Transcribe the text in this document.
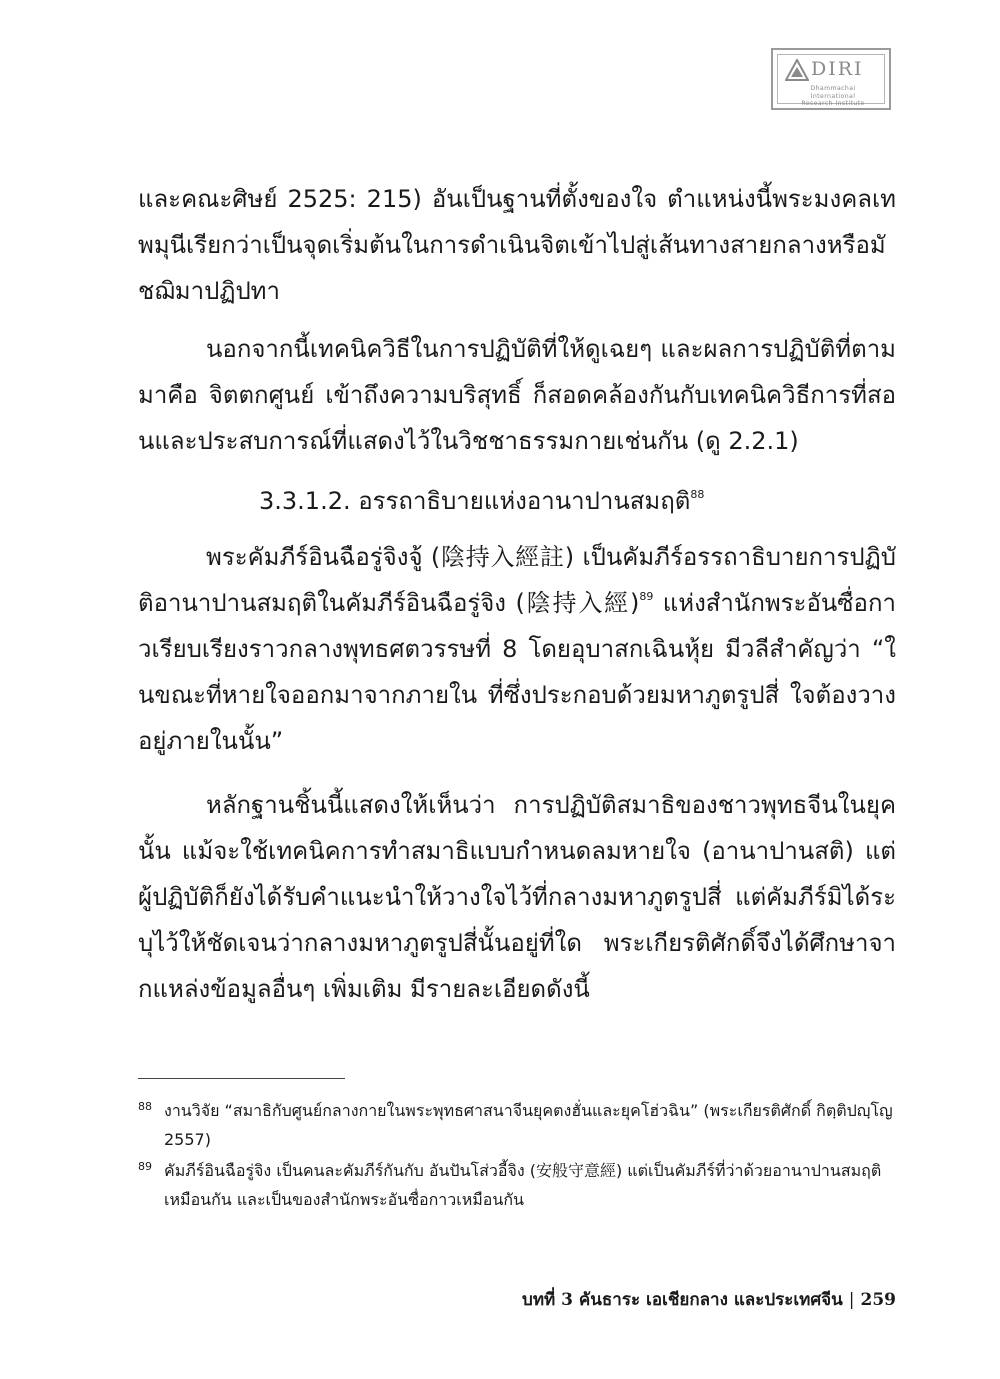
DIRI
Dhammachai International
Research Institute

และคณะศิษย์ 2525: 215) อันเป็นฐานที่ตั้งของใจ ตำแหน่งนี้พระมงคลเทพมุนีเรียกว่าเป็นจุดเริ่มต้นในการดำเนินจิตเข้าไปสู่เส้นทางสายกลางหรือมัชฌิมาปฏิปทา

นอกจากนี้เทคนิควิธีในการปฏิบัติที่ให้ดูเฉยๆ และผลการปฏิบัติที่ตามมาคือ จิตตกศูนย์ เข้าถึงความบริสุทธิ์ ก็สอดคล้องกันกับเทคนิควิธีการที่สอนและประสบการณ์ที่แสดงไว้ในวิชชาธรรมกายเช่นกัน (ดู 2.2.1)

3.3.1.2. อรรถาธิบายแห่งอานาปานสมฤติ$^{88}$

พระคัมภีร์อินฉือรู่จิงจู้ (陰持入經註) เป็นคัมภีร์อรรถาธิบายการปฏิบัติอานาปานสมฤติในคัมภีร์อินฉือรู่จิง (陰持入經)$^{89}$ แห่งสำนักพระอันซื่อกาวเรียบเรียงราวกลางพุทธศตวรรษที่ 8 โดยอุบาสกเฉินหุ้ย มีวลีสำคัญว่า “ในขณะที่หายใจออกมาจากภายใน ที่ซึ่งประกอบด้วยมหาภูตรูปสี่ ใจต้องวางอยู่ภายในนั้น”

หลักฐานชิ้นนี้แสดงให้เห็นว่า การปฏิบัติสมาธิของชาวพุทธจีนในยุคนั้น แม้จะใช้เทคนิคการทำสมาธิแบบกำหนดลมหายใจ (อานาปานสติ) แต่ผู้ปฏิบัติก็ยังได้รับคำแนะนำให้วางใจไว้ที่กลางมหาภูตรูปสี่ แต่คัมภีร์มิได้ระบุไว้ให้ชัดเจนว่ากลางมหาภูตรูปสี่นั้นอยู่ที่ใด พระเกียรติศักดิ์จึงได้ศึกษาจากแหล่งข้อมูลอื่นๆ เพิ่มเติม มีรายละเอียดดังนี้

88 งานวิจัย “สมาธิกับศูนย์กลางกายในพระพุทธศาสนาจีนยุคตงฮั่นและยุคโฮ่วฉิน” (พระเกียรติศักดิ์ กิตฺติปญฺโญ 2557)
89 คัมภีร์อินฉือรู่จิง เป็นคนละคัมภีร์กันกับ อันปันโส่วอี้จิง (安般守意經) แต่เป็นคัมภีร์ที่ว่าด้วยอานาปานสมฤติ เหมือนกัน และเป็นของสำนักพระอันซื่อกาวเหมือนกัน
บทที่ 3 คันธาระ เอเชียกลาง และประเทศจีน | 259
